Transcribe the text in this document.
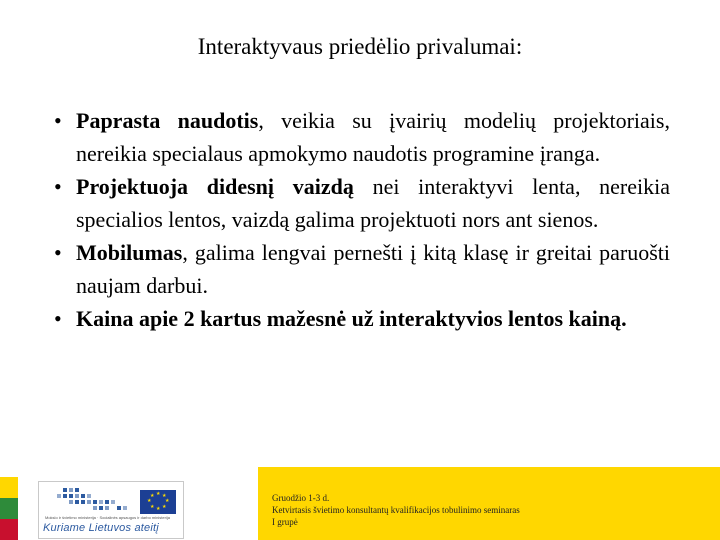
Interaktyvaus priedėlio privalumai:
• Paprasta naudotis, veikia su įvairių modelių projektoriais, nereikia specialaus apmokymo naudotis programine įranga.
• Projektuoja didesnį vaizdą nei interaktyvi lenta, nereikia specialios lentos, vaizdą galima projektuoti nors ant sienos.
• Mobilumas, galima lengvai pernešti į kitą klasę ir greitai paruošti naujam darbui.
• Kaina apie 2 kartus mažesnė už interaktyvios lentos kainą.
Mokslo ir švietimo ministerija · Socialinės apsaugos ir darbo ministerija
Kuriame Lietuvos ateitį
★ ★
★
★
★
★
★
★	Gruodžio 1-3 d.
Ketvirtasis švietimo konsultantų kvalifikacijos tobulinimo seminaras
I grupė
